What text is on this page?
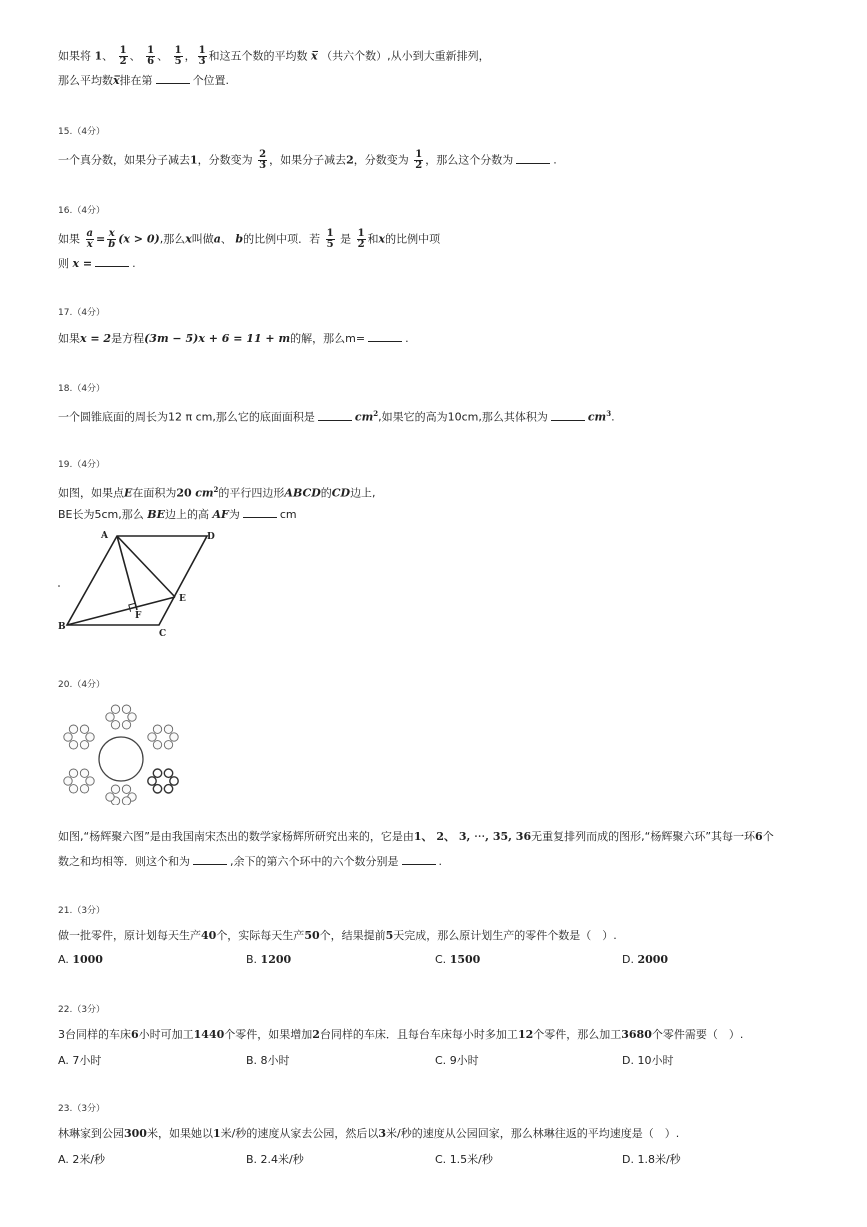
如果将 1、 $\frac{1}{2}$ 、 $\frac{1}{6}$ 、 $\frac{1}{5}$ ， $\frac{1}{3}$ 和这五个数的平均数 x̅ （共六个数）,从小到大重新排列，
那么平均数x̅排在第	个位置.
15.（4分）
一个真分数，如果分子减去1，分数变为 $\frac{2}{3}$ ，如果分子减去2，分数变为 $\frac{1}{2}$ ，那么这个分数为	.
16.（4分）
如果 $\frac{a}{x} = \frac{x}{b} (x > 0)$,那么x叫做a、 b的比例中项．若 $\frac{1}{5}$ 是 $\frac{1}{2}$ 和x的比例中项
则 x =	.
17.（4分）
如果x = 2是方程(3m − 5)x + 6 = 11 + m的解，那么m=	.
18.（4分）
一个圆锥底面的周长为12 π cm,那么它的底面面积是	$cm^2$,如果它的高为10cm,那么其体积为	$cm^3$.
19.（4分）
如图，如果点E在面积为20 $cm^2$的平行四边形ABCD的CD边上,
BE长为5cm,那么 BE边上的高 AF为	cm
A	D
B
C
E
F
20.（4分）
如图,“杨辉聚六图”是由我国南宋杰出的数学家杨辉所研究出来的，它是由1、 2、 3, ⋯, 35, 36无重复排列而成的图形,“杨辉聚六环”其每一环6个
数之和均相等．则这个和为	,余下的第六个环中的六个数分别是	.
21.（3分）
做一批零件，原计划每天生产40个，实际每天生产50个，结果提前5天完成，那么原计划生产的零件个数是（　）.
A. 1000	B. 1200	C. 1500	D. 2000
22.（3分）
3台同样的车床6小时可加工1440个零件，如果增加2台同样的车床．且每台车床每小时多加工12个零件，那么加工3680个零件需要（　）.
A. 7小时	B. 8小时	C. 9小时	D. 10小时
23.（3分）
林琳家到公园300米，如果她以1米/秒的速度从家去公园，然后以3米/秒的速度从公园回家，那么林琳往返的平均速度是（　）.
A. 2米/秒	B. 2.4米/秒	C. 1.5米/秒	D. 1.8米/秒
